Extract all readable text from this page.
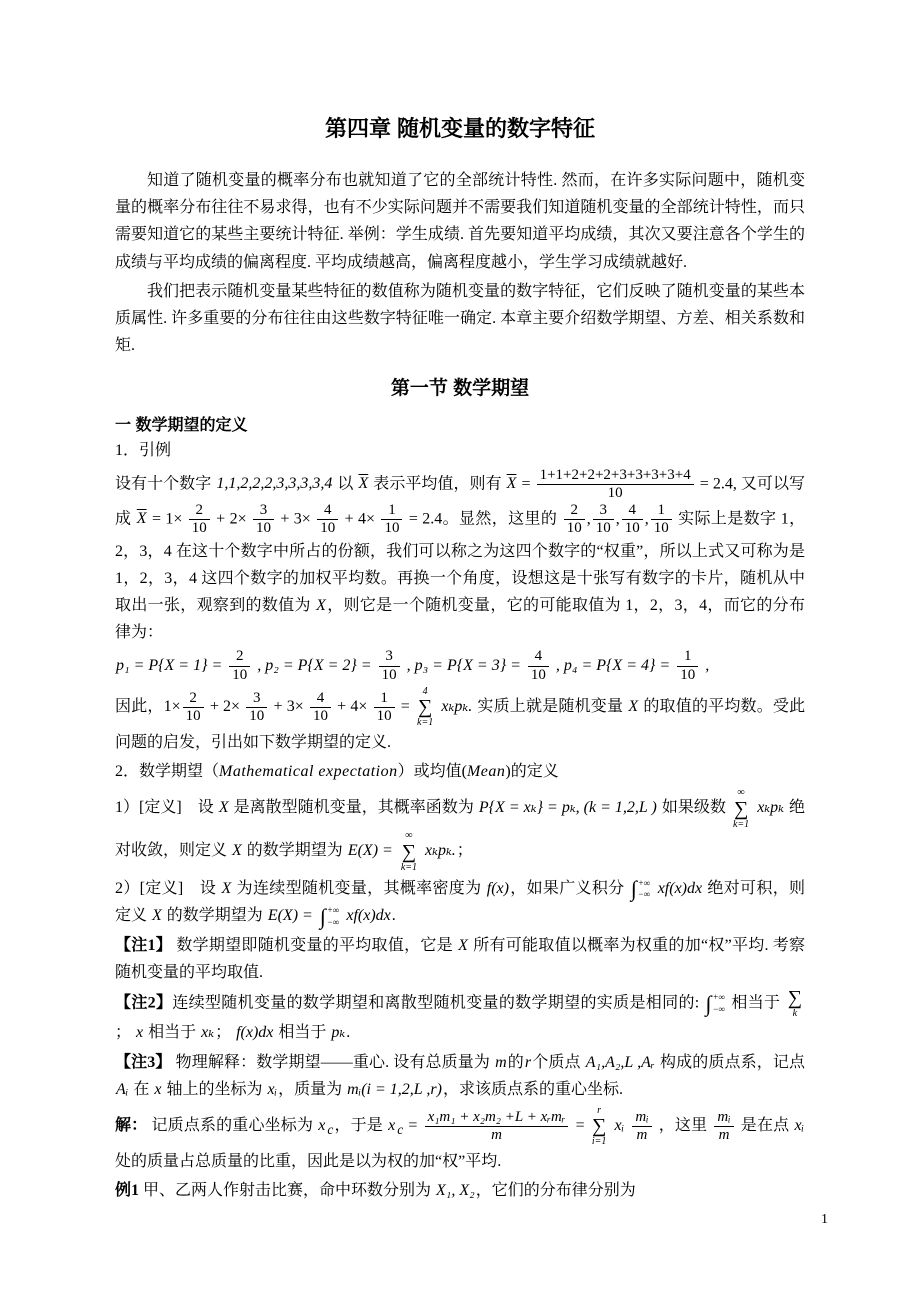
第四章 随机变量的数字特征

知道了随机变量的概率分布也就知道了它的全部统计特性. 然而，在许多实际问题中，随机变量的概率分布往往不易求得，也有不少实际问题并不需要我们知道随机变量的全部统计特性，而只需要知道它的某些主要统计特征. 举例：学生成绩. 首先要知道平均成绩，其次又要注意各个学生的成绩与平均成绩的偏离程度. 平均成绩越高，偏离程度越小，学生学习成绩就越好.

我们把表示随机变量某些特征的数值称为随机变量的数字特征，它们反映了随机变量的某些本质属性. 许多重要的分布往往由这些数字特征唯一确定. 本章主要介绍数学期望、方差、相关系数和矩.

第一节 数学期望
一 数学期望的定义

1．引例

设有十个数字 1,1,2,2,2,3,3,3,3,4 以 $\overline{X}$ 表示平均值，则有 $\overline{X} = \frac{1+1+2+2+2+3+3+3+3+4}{10} = 2.4$, 又可以写成 $\overline{X} = 1\times \frac{2}{10} + 2\times \frac{3}{10} + 3\times \frac{4}{10} + 4\times \frac{1}{10} = 2.4$。显然，这里的 $\frac{2}{10}$ , $\frac{3}{10}$ , $\frac{4}{10}$ , $\frac{1}{10}$ 实际上是数字 1，2，3，4 在这十个数字中所占的份额，我们可以称之为这四个数字的“权重”，所以上式又可称为是 1，2，3，4 这四个数字的加权平均数。再换一个角度，设想这是十张写有数字的卡片，随机从中取出一张，观察到的数值为 X，则它是一个随机变量，它的可能取值为 1，2，3，4，而它的分布律为：

$p_1 = P\{X = 1\} = \frac{2}{10}$ , $p_2 = P\{X = 2\} = \frac{3}{10}$ , $p_3 = P\{X = 3\} = \frac{4}{10}$ , $p_4 = P\{X = 4\} = \frac{1}{10}$ ,

因此，$1\times \frac{2}{10} + 2\times \frac{3}{10} + 3\times \frac{4}{10} + 4\times \frac{1}{10}$ =
4
∑
k=1
xₖpₖ. 实质上就是随机变量 X 的取值的平均数。受此问题的启发，引出如下数学期望的定义.

2．数学期望（Mathematical expectation）或均值(Mean)的定义

1）[定义]　设 X 是离散型随机变量，其概率函数为 P{X = xₖ} = pₖ, (k = 1,2,L ) 如果级数
∞
∑
k=1
xₖpₖ 绝对收敛，则定义 X 的数学期望为 E(X) =
∞
∑
k=1
xₖpₖ.；

2）[定义]　设 X 为连续型随机变量，其概率密度为 f(x)，如果广义积分 ∫ +∞
−∞ xf(x)dx 绝对可积，则定义 X 的数学期望为 E(X) = ∫ +∞
−∞ xf(x)dx.

【注1】 数学期望即随机变量的平均取值，它是 X 所有可能取值以概率为权重的加“权”平均. 考察随机变量的平均取值.

【注2】连续型随机变量的数学期望和离散型随机变量的数学期望的实质是相同的: ∫ +∞
−∞ 相当于 ∑
k
； x 相当于 xₖ； f(x)dx 相当于 pₖ.

【注3】 物理解释：数学期望——重心. 设有总质量为 m的r个质点 A₁,A₂,L ,Aᵣ 构成的质点系，记点 Aᵢ 在 x 轴上的坐标为 xᵢ，质量为 mᵢ(i = 1,2,L ,r)，求该质点系的重心坐标.

解： 记质点系的重心坐标为 x $_c$，于是 x $_c = \frac{\text{x₁m₁ + x₂m₂ +L + xᵣmᵣ}}{m}$ =
r
∑
i=1
xᵢ $\frac{\text{mᵢ}}{m}$ ，这里 $\frac{\text{mᵢ}}{m}$ 是在点 xᵢ 处的质量占总质量的比重，因此是以为权的加“权”平均.

例1 甲、乙两人作射击比赛，命中环数分别为 X₁, X₂，它们的分布律分别为

1
